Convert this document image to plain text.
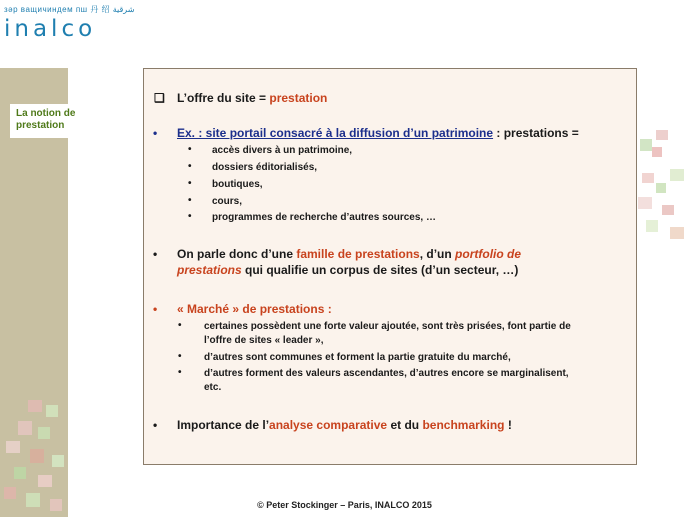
зəр ващичиндем пш 丹 绍 شرقية
inalco
La notion de
prestation
❑ L’offre du site = prestation
• Ex. : site portail consacré à la diffusion d’un patrimoine : prestations =
• accès divers à un patrimoine,
• dossiers éditorialisés,
• boutiques,
• cours,
• programmes de recherche d’autres sources, …
• On parle donc d’une famille de prestations, d’un portfolio de
prestations qui qualifie un corpus de sites (d’un secteur, …)
• « Marché » de prestations :
• certaines possèdent une forte valeur ajoutée, sont très prisées, font partie de
l’offre de sites « leader »,
• d’autres sont communes et forment la partie gratuite du marché,
• d’autres forment des valeurs ascendantes, d’autres encore se marginalisent,
etc.
• Importance de l’analyse comparative et du benchmarking !
© Peter Stockinger – Paris, INALCO 2015
